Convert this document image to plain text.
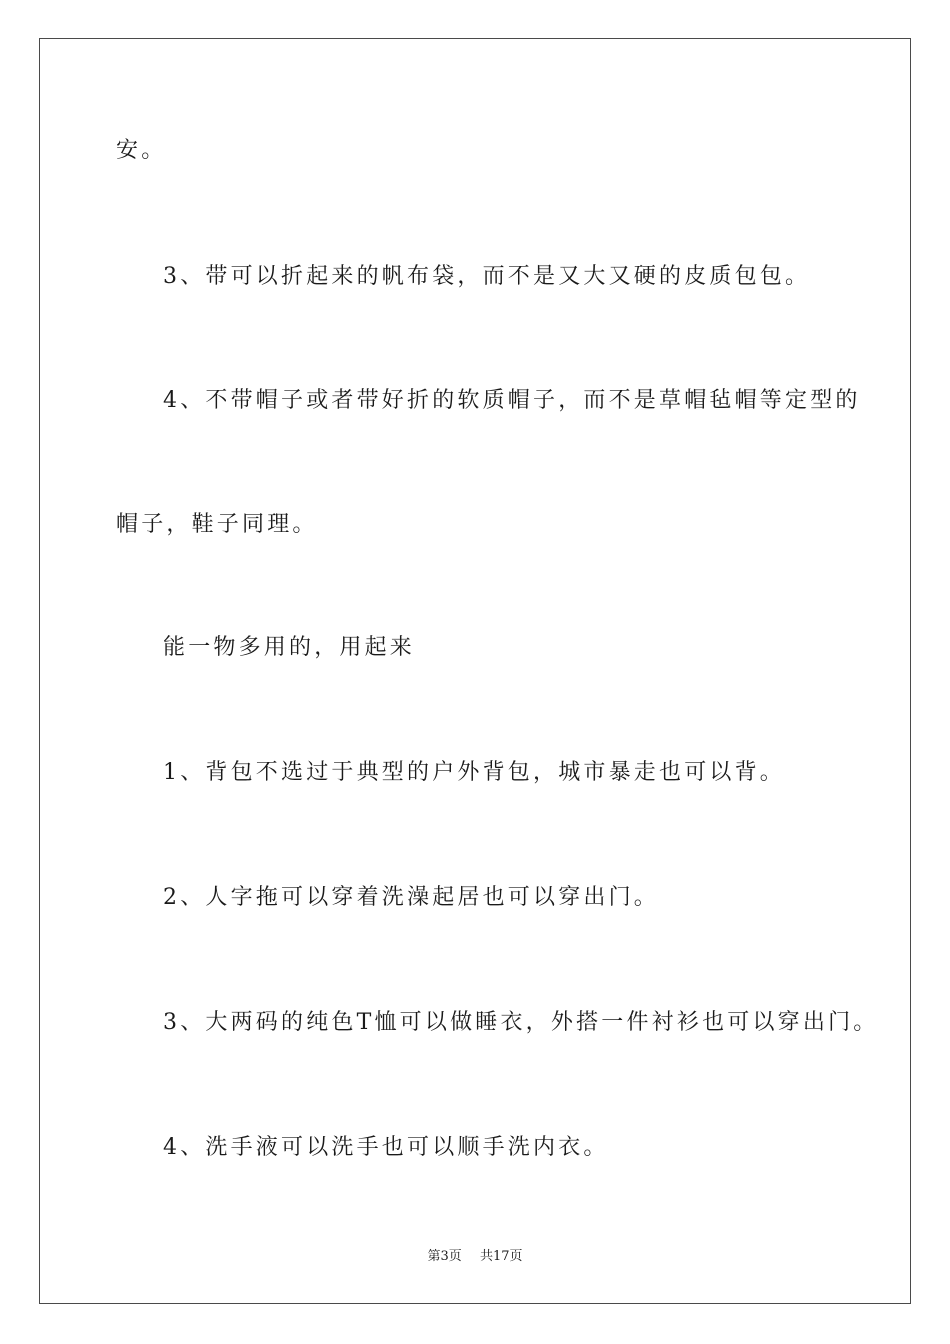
安。
3、带可以折起来的帆布袋，而不是又大又硬的皮质包包。
4、不带帽子或者带好折的软质帽子，而不是草帽毡帽等定型的
帽子，鞋子同理。
能一物多用的，用起来
1、背包不选过于典型的户外背包，城市暴走也可以背。
2、人字拖可以穿着洗澡起居也可以穿出门。
3、大两码的纯色T恤可以做睡衣，外搭一件衬衫也可以穿出门。
4、洗手液可以洗手也可以顺手洗内衣。
第3页 共17页
